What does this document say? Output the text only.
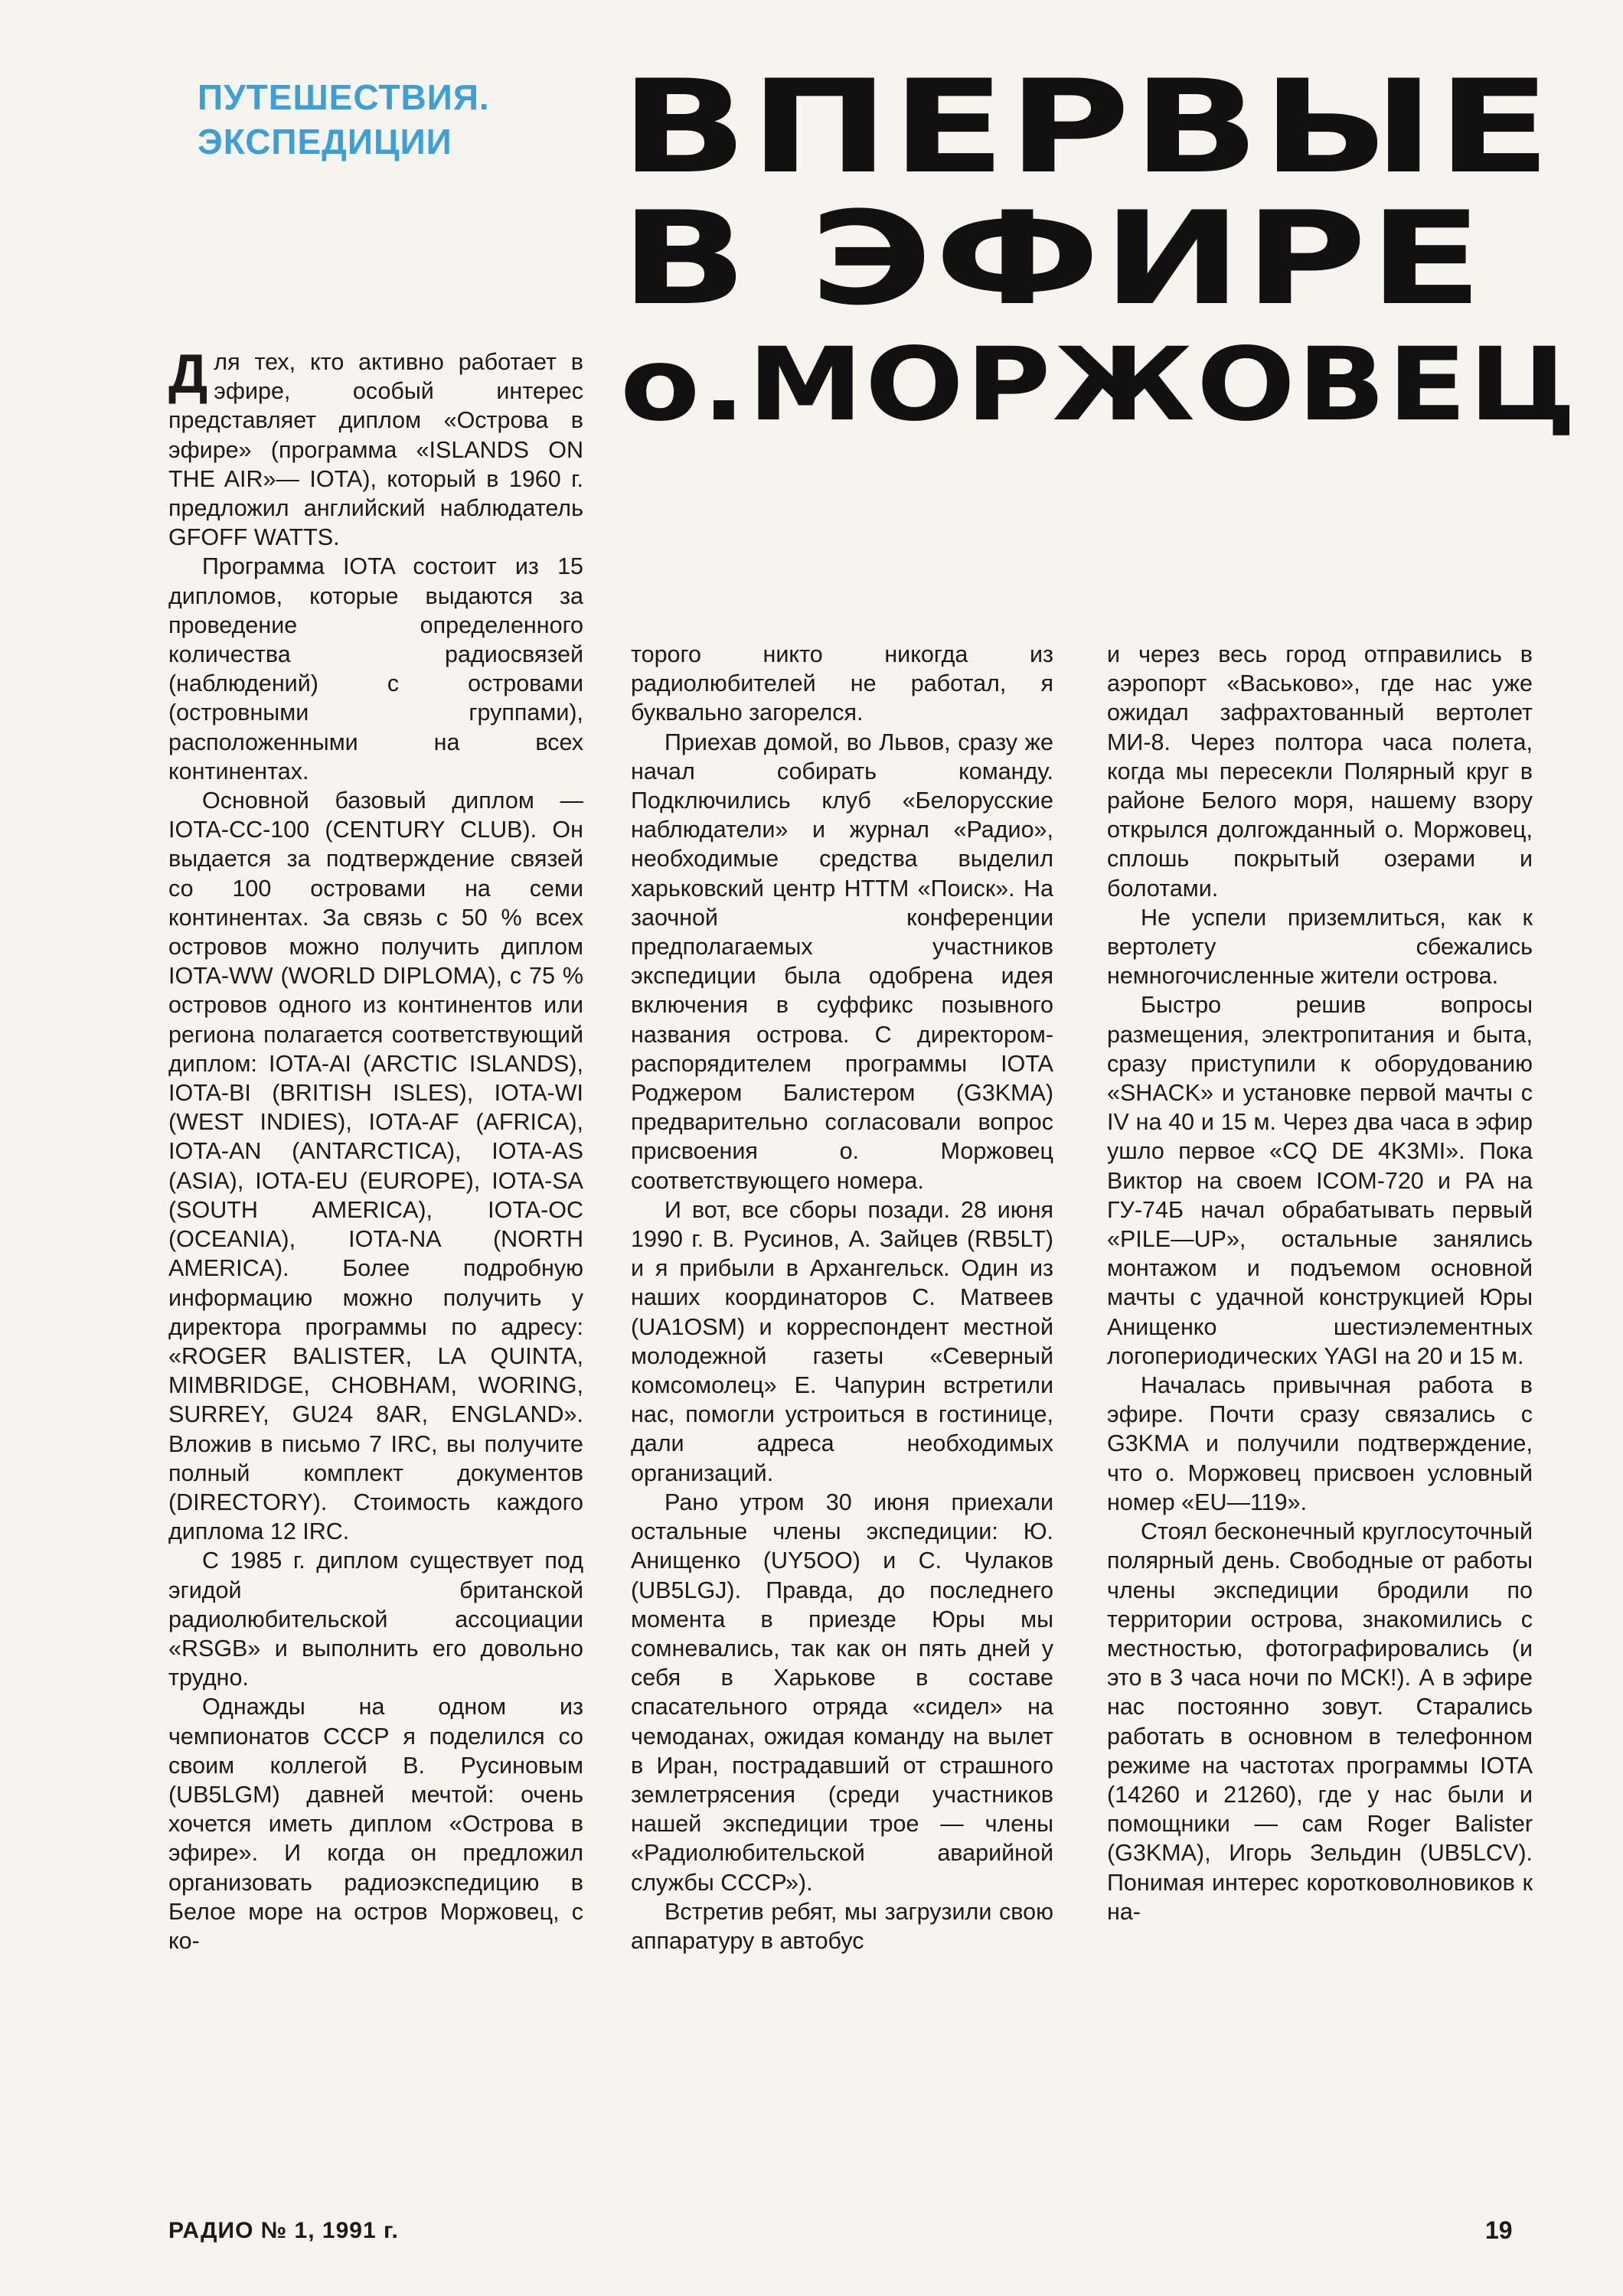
ПУТЕШЕСТВИЯ.
ЭКСПЕДИЦИИ ВПЕРВЫЕ
В ЭФИРЕ
о.МОРЖОВЕЦ

Для тех, кто активно работает в эфире, особый интерес представляет диплом «Острова в эфире» (программа «ISLANDS ON THE AIR»— IOTA), который в 1960 г. предложил английский наблюдатель GFOFF WATTS.

Программа IOTA состоит из 15 дипломов, которые выдаются за проведение определенного количества радиосвязей (наблюдений) с островами (островными группами), расположенными на всех континентах.

Основной базовый диплом — IOTA-CC-100 (CENTURY CLUB). Он выдается за подтверждение связей со 100 островами на семи континентах. За связь с 50 % всех островов можно получить диплом IOTA-WW (WORLD DIPLOMA), с 75 % островов одного из континентов или региона полагается соответствующий диплом: IOTA-AI (ARCTIC ISLANDS), IOTA-BI (BRITISH ISLES), IOTA-WI (WEST INDIES), IOTA-AF (AFRICA), IOTA-AN (ANTARCTICA), IOTA-AS (ASIA), IOTA-EU (EUROPE), IOTA-SA (SOUTH AMERICA), IOTA-OC (OCEANIA), IOTA-NA (NORTH AMERICA). Более подробную информацию можно получить у директора программы по адресу: «ROGER BALISTER, LA QUINTA, MIMBRIDGE, CHOBHAM, WORING, SURREY, GU24 8AR, ENGLAND». Вложив в письмо 7 IRC, вы получите полный комплект документов (DIRECTORY). Стоимость каждого диплома 12 IRC.

С 1985 г. диплом существует под эгидой британской радиолюбительской ассоциации «RSGB» и выполнить его довольно трудно.

Однажды на одном из чемпионатов СССР я поделился со своим коллегой В. Русиновым (UB5LGM) давней мечтой: очень хочется иметь диплом «Острова в эфире». И когда он предложил организовать радиоэкспедицию в Белое море на остров Моржовец, с ко-

торого никто никогда из радиолюбителей не работал, я буквально загорелся.

Приехав домой, во Львов, сразу же начал собирать команду. Подключились клуб «Белорусские наблюдатели» и журнал «Радио», необходимые средства выделил харьковский центр НТТМ «Поиск». На заочной конференции предполагаемых участников экспедиции была одобрена идея включения в суффикс позывного названия острова. С директором-распорядителем программы IOTA Роджером Балистером (G3KMA) предварительно согласовали вопрос присвоения о. Моржовец соответствующего номера.

И вот, все сборы позади. 28 июня 1990 г. В. Русинов, А. Зайцев (RB5LT) и я прибыли в Архангельск. Один из наших координаторов С. Матвеев (UA1OSM) и корреспондент местной молодежной газеты «Северный комсомолец» Е. Чапурин встретили нас, помогли устроиться в гостинице, дали адреса необходимых организаций.

Рано утром 30 июня приехали остальные члены экспедиции: Ю. Анищенко (UY5OO) и С. Чулаков (UB5LGJ). Правда, до последнего момента в приезде Юры мы сомневались, так как он пять дней у себя в Харькове в составе спасательного отряда «сидел» на чемоданах, ожидая команду на вылет в Иран, пострадавший от страшного землетрясения (среди участников нашей экспедиции трое — члены «Радиолюбительской аварийной службы СССР»).

Встретив ребят, мы загрузили свою аппаратуру в автобус

и через весь город отправились в аэропорт «Васьково», где нас уже ожидал зафрахтованный вертолет МИ-8. Через полтора часа полета, когда мы пересекли Полярный круг в районе Белого моря, нашему взору открылся долгожданный о. Моржовец, сплошь покрытый озерами и болотами.

Не успели приземлиться, как к вертолету сбежались немногочисленные жители острова.

Быстро решив вопросы размещения, электропитания и быта, сразу приступили к оборудованию «SHACK» и установке первой мачты с IV на 40 и 15 м. Через два часа в эфир ушло первое «CQ DE 4K3MI». Пока Виктор на своем ICOM-720 и PA на ГУ-74Б начал обрабатывать первый «PILE—UP», остальные занялись монтажом и подъемом основной мачты с удачной конструкцией Юры Анищенко шестиэлементных логопериодических YAGI на 20 и 15 м.

Началась привычная работа в эфире. Почти сразу связались с G3KMA и получили подтверждение, что о. Моржовец присвоен условный номер «EU—119».

Стоял бесконечный круглосуточный полярный день. Свободные от работы члены экспедиции бродили по территории острова, знакомились с местностью, фотографировались (и это в 3 часа ночи по МСК!). А в эфире нас постоянно зовут. Старались работать в основном в телефонном режиме на частотах программы IOTA (14260 и 21260), где у нас были и помощники — сам Roger Balister (G3KMA), Игорь Зельдин (UB5LCV). Понимая интерес коротковолновиков к на-

РАДИО № 1, 1991 г.	19
